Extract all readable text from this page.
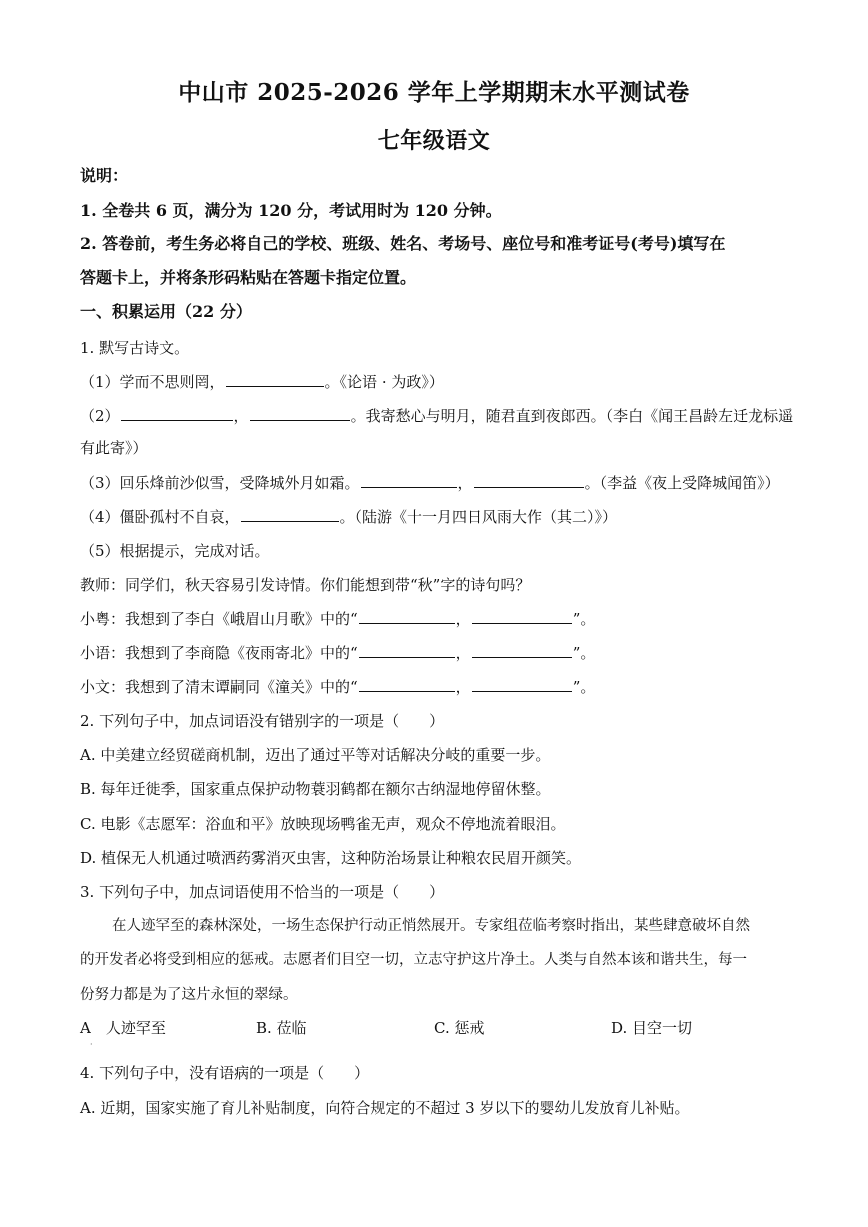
中山市 2025-2026 学年上学期期末水平测试卷
七年级语文
说明：
1. 全卷共 6 页，满分为 120 分，考试用时为 120 分钟。
2. 答卷前，考生务必将自己的学校、班级、姓名、考场号、座位号和准考证号(考号)填写在
答题卡上，并将条形码粘贴在答题卡指定位置。
一、积累运用（22 分）
1. 默写古诗文。
（1）学而不思则罔，	。《论语 · 为政》）
（2）	，	。我寄愁心与明月，随君直到夜郎西。（李白《闻王昌龄左迁龙标遥
有此寄》）
（3）回乐烽前沙似雪，受降城外月如霜。	，	。（李益《夜上受降城闻笛》）
（4）僵卧孤村不自哀，	。（陆游《十一月四日风雨大作（其二）》）
（5）根据提示，完成对话。
教师：同学们，秋天容易引发诗情。你们能想到带“秋”字的诗句吗？
小粤：我想到了李白《峨眉山月歌》中的“	，	”。
小语：我想到了李商隐《夜雨寄北》中的“	，	”。
小文：我想到了清末谭嗣同《潼关》中的“	，	”。
2. 下列句子中，加点词语没有错别字的一项是（　　）
A. 中美建立经贸磋商机制，迈出了通过平等对话解决分岐的重要一步。
B. 每年迁徙季，国家重点保护动物蓑羽鹤都在额尔古纳湿地停留休整。
C. 电影《志愿军：浴血和平》放映现场鸭雀无声，观众不停地流着眼泪。
D. 植保无人机通过喷洒药雾消灭虫害，这种防治场景让种粮农民眉开颜笑。
3. 下列句子中，加点词语使用不恰当的一项是（　　）
在人迹罕至的森林深处，一场生态保护行动正悄然展开。专家组莅临考察时指出，某些肆意破坏自然
的开发者必将受到相应的惩戒。志愿者们目空一切，立志守护这片净土。人类与自然本该和谐共生，每一
份努力都是为了这片永恒的翠绿。
A　人迹罕至	B. 莅临	C. 惩戒	D. 目空一切
·
4. 下列句子中，没有语病的一项是（　　）
A. 近期，国家实施了育儿补贴制度，向符合规定的不超过 3 岁以下的婴幼儿发放育儿补贴。
